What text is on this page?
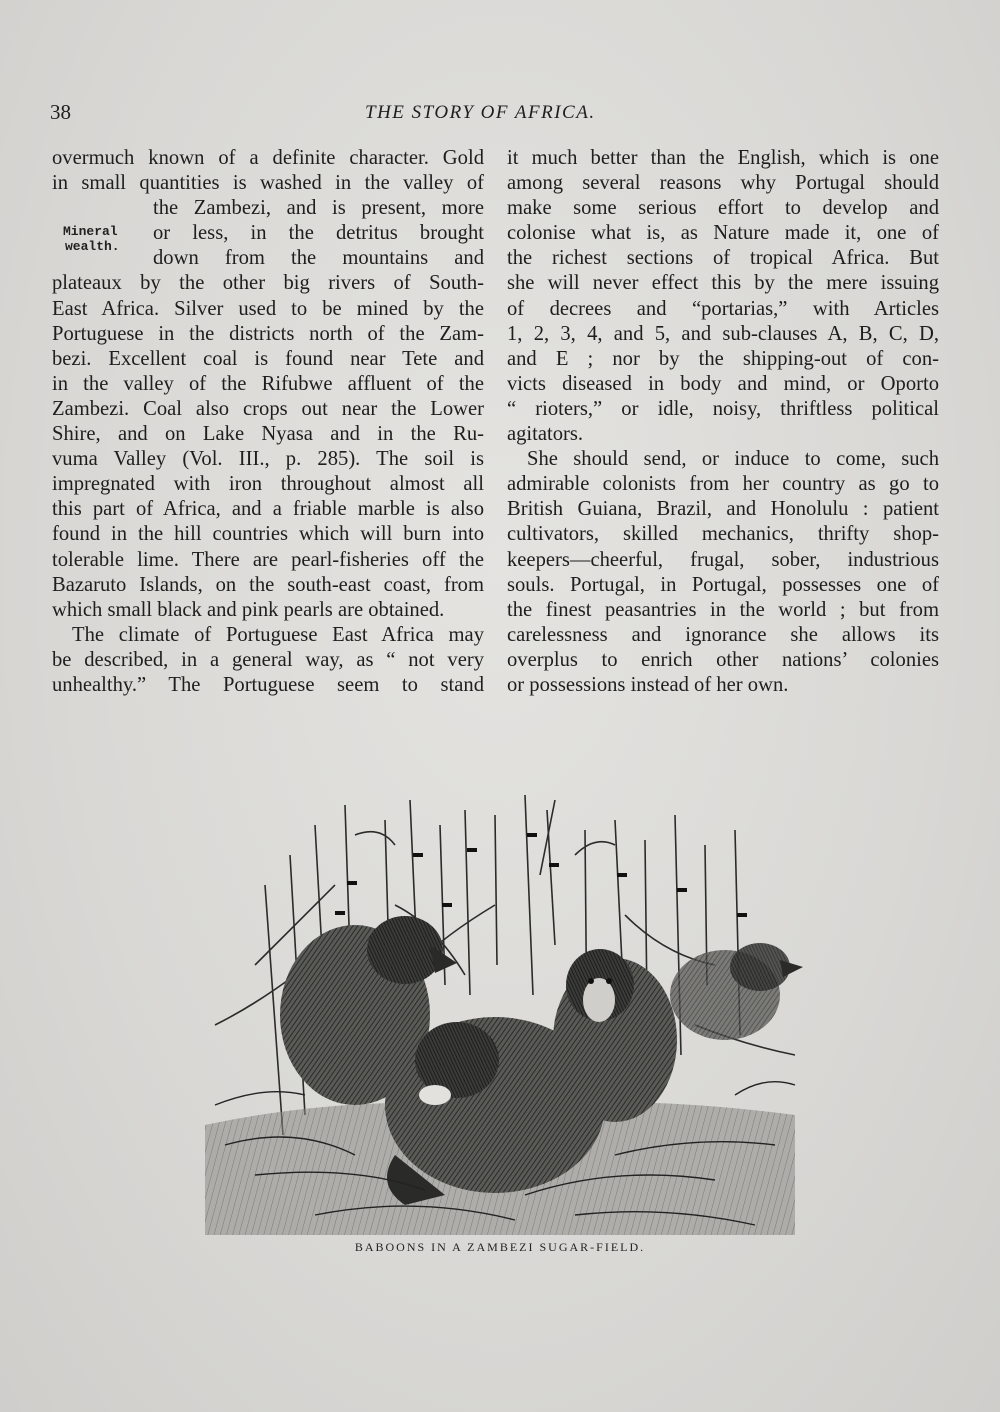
38	THE STORY OF AFRICA.
Mineral
wealth.
overmuch known of a definite character. Gold
in small quantities is washed in the valley of
the Zambezi, and is present, more
or less, in the detritus brought
down from the mountains and
plateaux by the other big rivers of South-
East Africa. Silver used to be mined by the
Portuguese in the districts north of the Zam-
bezi. Excellent coal is found near Tete and
in the valley of the Rifubwe affluent of the
Zambezi. Coal also crops out near the Lower
Shire, and on Lake Nyasa and in the Ru-
vuma Valley (Vol. III., p. 285). The soil is
impregnated with iron throughout almost all
this part of Africa, and a friable marble is also
found in the hill countries which will burn into
tolerable lime. There are pearl-fisheries off the
Bazaruto Islands, on the south-east coast, from
which small black and pink pearls are obtained.
The climate of Portuguese East Africa may
be described, in a general way, as “ not very
unhealthy.” The Portuguese seem to stand
it much better than the English, which is one
among several reasons why Portugal should
make some serious effort to develop and
colonise what is, as Nature made it, one of
the richest sections of tropical Africa. But
she will never effect this by the mere issuing
of decrees and “portarias,” with Articles
1, 2, 3, 4, and 5, and sub-clauses A, B, C, D,
and E ; nor by the shipping-out of con-
victs diseased in body and mind, or Oporto
“ rioters,” or idle, noisy, thriftless political
agitators.
She should send, or induce to come, such
admirable colonists from her country as go to
British Guiana, Brazil, and Honolulu : patient
cultivators, skilled mechanics, thrifty shop-
keepers—cheerful, frugal, sober, industrious
souls. Portugal, in Portugal, possesses one of
the finest peasantries in the world ; but from
carelessness and ignorance she allows its
overplus to enrich other nations’ colonies
or possessions instead of her own.
BABOONS IN A ZAMBEZI SUGAR-FIELD.
